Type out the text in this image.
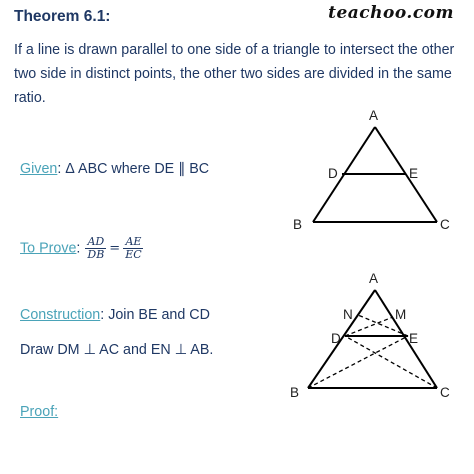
Theorem 6.1:	teachoo.com
If a line is drawn parallel to one side of a triangle to intersect the other two side in distinct points, the other two sides are divided in the same ratio.
Given: Δ ABC where DE ∥ BC
To Prove: $\frac{AD}{DB} = \frac{AE}{EC}$
Construction: Join BE and CD
Draw DM ⊥ AC and EN ⊥ AB.
Proof:
A
D	E
B	C
A
N	M
D	E
B	C
